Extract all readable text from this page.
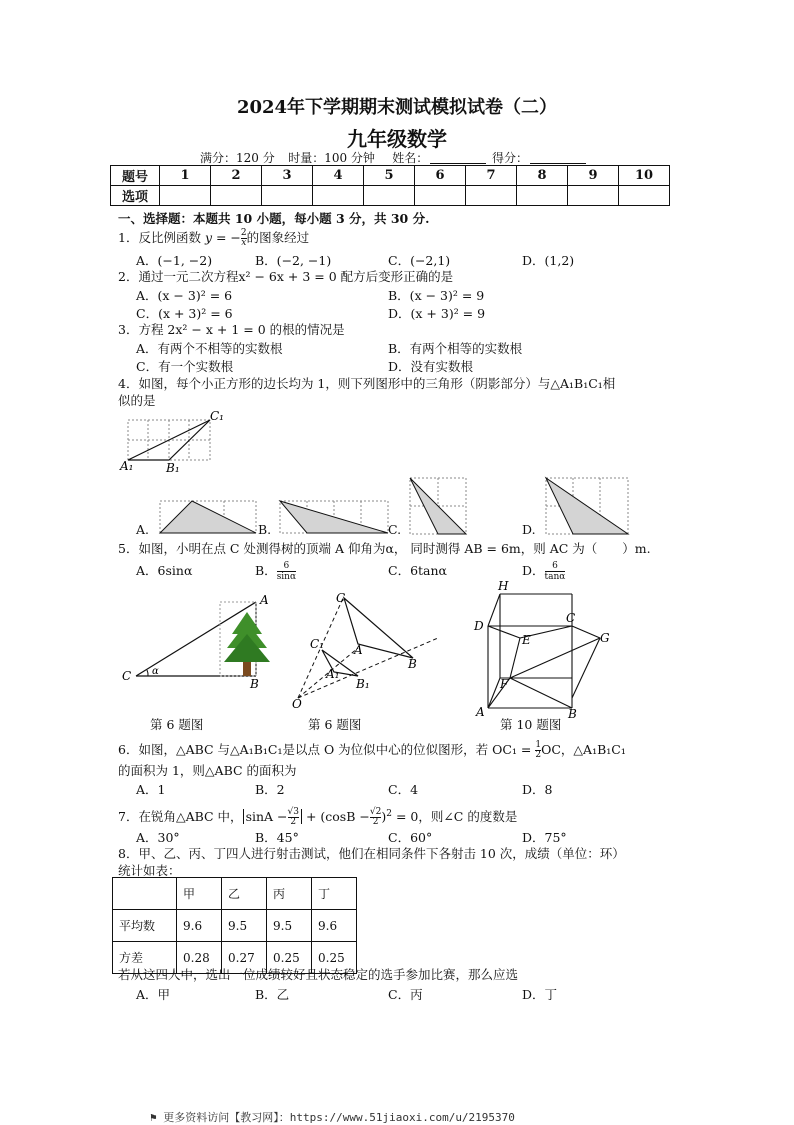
2024年下学期期末测试模拟试卷（二）
九年级数学
满分：120 分 时量：100 分钟 姓名：	得分：
题号	1	2	3	4	5	6	7	8	9	10
选项										
一、选择题：本题共 10 小题，每小题 3 分，共 30 分.
1．反比例函数 y = − $\frac{2}{x}$ 的图象经过
A．(−1, −2)	B．(−2, −1)	C．(−2,1)	D．(1,2)
2．通过一元二次方程x² − 6x + 3 = 0 配方后变形正确的是
A．(x − 3)² = 6	B．(x − 3)² = 9
C．(x + 3)² = 6	D．(x + 3)² = 9
3．方程 2x² − x + 1 = 0 的根的情况是
A．有两个不相等的实数根	B．有两个相等的实数根
C．有一个实数根	D．没有实数根
4．如图，每个小正方形的边长均为 1，则下列图形中的三角形（阴影部分）与△A₁B₁C₁相
似的是
A₁	B₁
C₁
A.	B.	C.	D.
5．如图，小明在点 C 处测得树的顶端 A 仰角为α， 同时测得 AB = 6m，则 AC 为（　　）m.
A．6sinα	B． $\frac{6}{\sin\alpha}$	C．6tanα	D． $\frac{6}{\tan\alpha}$
C
A
B
α
C
C₁	A
A₁
B
B₁
O
H
D
C
G
E
F
A	B
第 6 题图	第 6 题图	第 10 题图
6．如图，△ABC 与△A₁B₁C₁是以点 O 为位似中心的位似图形，若 $OC_1 = \frac{1}{2}$ OC，△A₁B₁C₁
的面积为 1，则△ABC 的面积为
A．1	B．2	C．4	D．8
7．在锐角△ABC 中， $\sin A - \frac{√3}{2} + (\cos B - \frac{√2}{2} )^2 = 0$，则∠C 的度数是
A．30°	B．45°	C．60°	D．75°
8．甲、乙、丙、丁四人进行射击测试，他们在相同条件下各射击 10 次，成绩（单位：环）
统计如表：
	甲	乙	丙	丁
平均数	9.6	9.5	9.5	9.6
方差	0.28	0.27	0.25	0.25
若从这四人中，选出一位成绩较好且状态稳定的选手参加比赛，那么应选
A．甲	B．乙	C．丙	D．丁
⚑ 更多资料访问【教习网】：https://www.51jiaoxi.com/u/2195370
